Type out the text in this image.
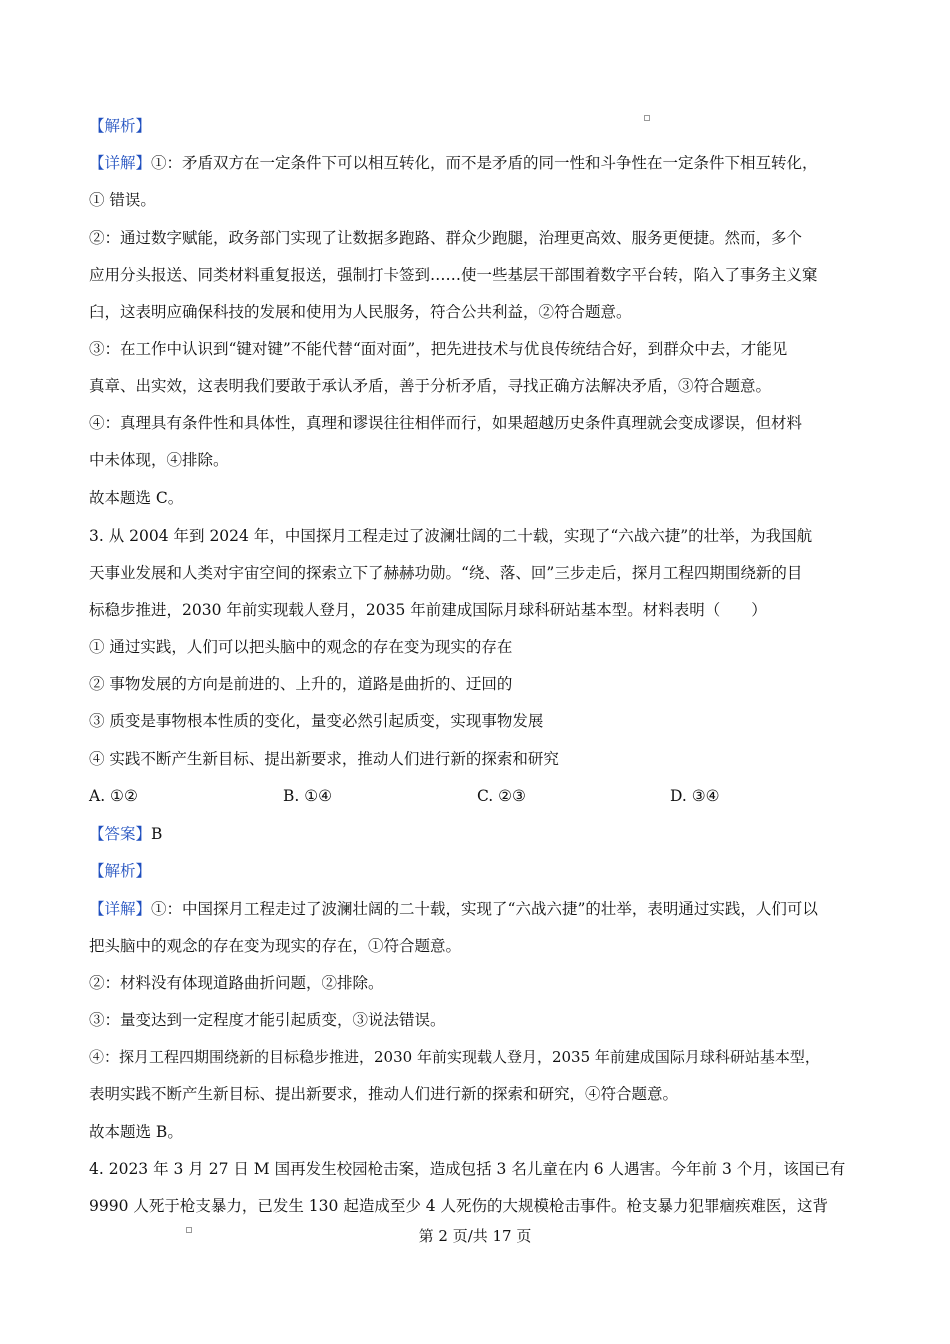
【解析】
【详解】①：矛盾双方在一定条件下可以相互转化，而不是矛盾的同一性和斗争性在一定条件下相互转化，
① 错误。
②：通过数字赋能，政务部门实现了让数据多跑路、群众少跑腿，治理更高效、服务更便捷。然而，多个
应用分头报送、同类材料重复报送，强制打卡签到……使一些基层干部围着数字平台转，陷入了事务主义窠
臼，这表明应确保科技的发展和使用为人民服务，符合公共利益，②符合题意。
③：在工作中认识到“键对键”不能代替“面对面”，把先进技术与优良传统结合好，到群众中去，才能见
真章、出实效，这表明我们要敢于承认矛盾，善于分析矛盾，寻找正确方法解决矛盾，③符合题意。
④：真理具有条件性和具体性，真理和谬误往往相伴而行，如果超越历史条件真理就会变成谬误，但材料
中未体现，④排除。
故本题选 C。
3. 从 2004 年到 2024 年，中国探月工程走过了波澜壮阔的二十载，实现了“六战六捷”的壮举，为我国航
天事业发展和人类对宇宙空间的探索立下了赫赫功勋。“绕、落、回”三步走后，探月工程四期围绕新的目
标稳步推进，2030 年前实现载人登月，2035 年前建成国际月球科研站基本型。材料表明（　　）
① 通过实践，人们可以把头脑中的观念的存在变为现实的存在
② 事物发展的方向是前进的、上升的，道路是曲折的、迂回的
③ 质变是事物根本性质的变化，量变必然引起质变，实现事物发展
④ 实践不断产生新目标、提出新要求，推动人们进行新的探索和研究
A. ①②	B. ①④	C. ②③	D. ③④
【答案】B
【解析】
【详解】①：中国探月工程走过了波澜壮阔的二十载，实现了“六战六捷”的壮举，表明通过实践，人们可以
把头脑中的观念的存在变为现实的存在，①符合题意。
②：材料没有体现道路曲折问题，②排除。
③：量变达到一定程度才能引起质变，③说法错误。
④：探月工程四期围绕新的目标稳步推进，2030 年前实现载人登月，2035 年前建成国际月球科研站基本型，
表明实践不断产生新目标、提出新要求，推动人们进行新的探索和研究，④符合题意。
故本题选 B。
4. 2023 年 3 月 27 日 M 国再发生校园枪击案，造成包括 3 名儿童在内 6 人遇害。今年前 3 个月，该国已有
9990 人死于枪支暴力，已发生 130 起造成至少 4 人死伤的大规模枪击事件。枪支暴力犯罪痼疾难医，这背
第 2 页/共 17 页
